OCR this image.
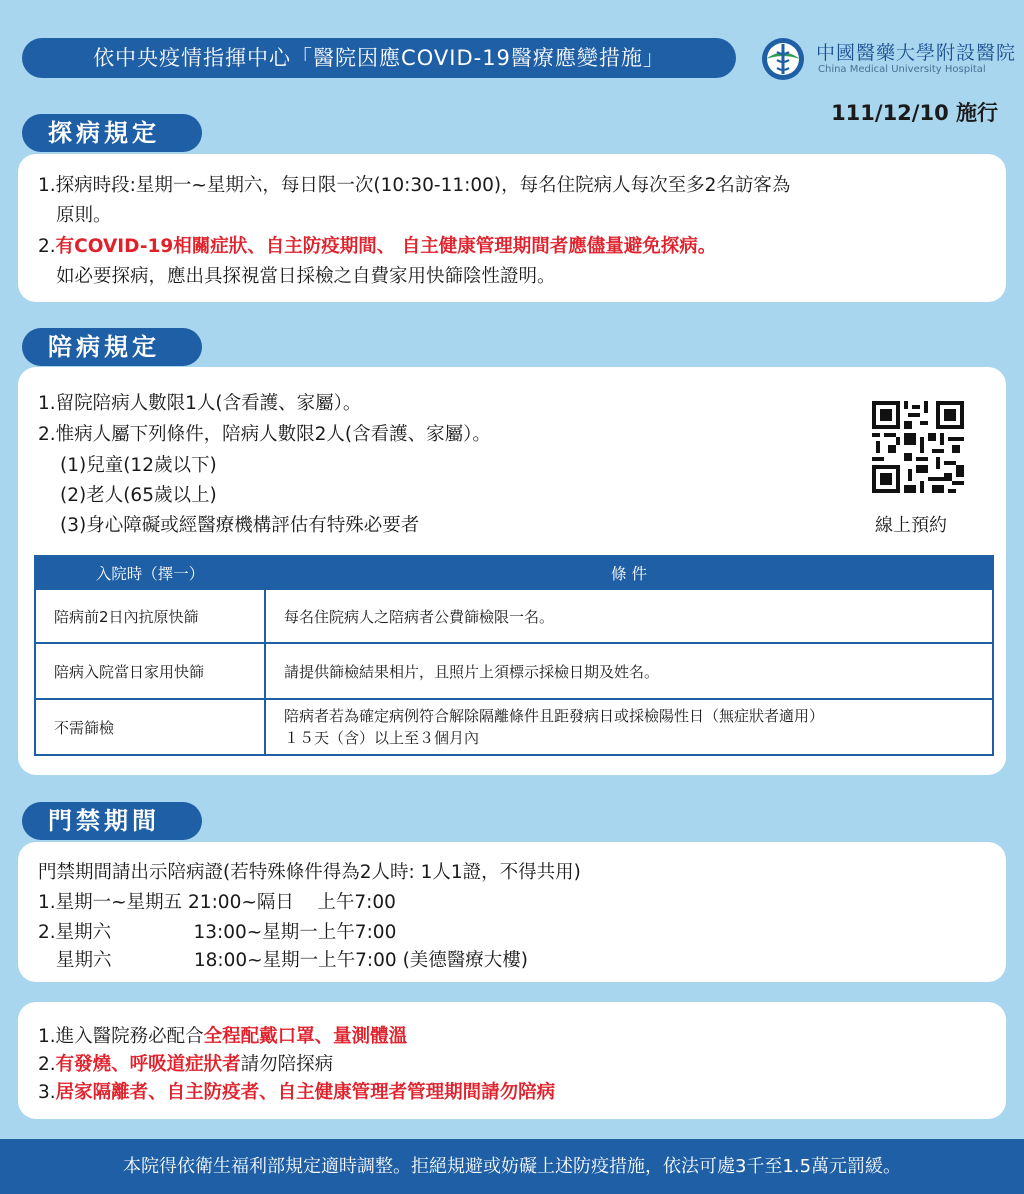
依中央疫情指揮中心「醫院因應COVID-19醫療應變措施」	中國醫藥大學附設醫院
China Medical University Hospital
111/12/10 施行
探病規定
1.探病時段:星期一~星期六，每日限一次(10:30-11:00)，每名住院病人每次至多2名訪客為
原則。
2.有COVID-19相關症狀、自主防疫期間、 自主健康管理期間者應儘量避免探病。
如必要探病，應出具探視當日採檢之自費家用快篩陰性證明。
陪病規定
1.留院陪病人數限1人(含看護、家屬）。
2.惟病人屬下列條件，陪病人數限2人(含看護、家屬）。
(1)兒童(12歲以下)
(2)老人(65歲以上)
(3)身心障礙或經醫療機構評估有特殊必要者	線上預約
入院時（擇一）	條 件
陪病前2日內抗原快篩	每名住院病人之陪病者公費篩檢限一名。
陪病入院當日家用快篩	請提供篩檢結果相片，且照片上須標示採檢日期及姓名。
不需篩檢	陪病者若為確定病例符合解除隔離條件且距發病日或採檢陽性日（無症狀者適用）
１５天（含）以上至３個月內
門禁期間
門禁期間請出示陪病證(若特殊條件得為2人時: 1人1證，不得共用)
1.星期一~星期五 21:00~隔日    上午7:00
2.星期六              13:00~星期一上午7:00
星期六              18:00~星期一上午7:00 (美德醫療大樓)
1.進入醫院務必配合全程配戴口罩、量測體溫
2.有發燒、呼吸道症狀者請勿陪探病
3.居家隔離者、自主防疫者、自主健康管理者管理期間請勿陪病
本院得依衛生福利部規定適時調整。拒絕規避或妨礙上述防疫措施，依法可處3千至1.5萬元罰緩。
